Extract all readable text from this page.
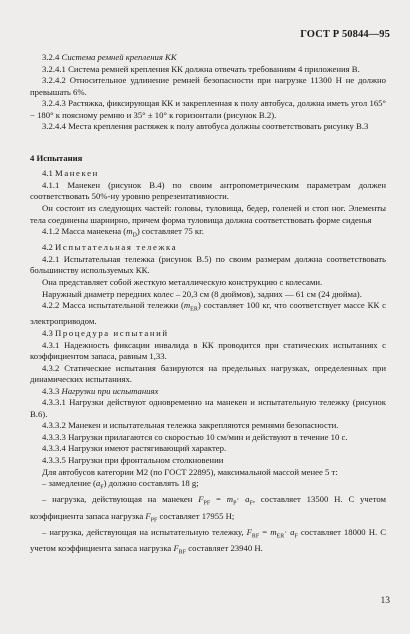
ГОСТ Р 50844—95

3.2.4 Система ремней крепления КК

3.2.4.1 Система ремней крепления КК должна отвечать требованиям 4 приложения В.

3.2.4.2 Относительное удлинение ремней безопасности при нагрузке 11300 Н не должно превышать 6%.

3.2.4.3 Растяжка, фиксирующая КК и закрепленная к полу автобуса, должна иметь угол 165° − 180° к поясному ремню и 35° ± 10° к горизонтали (рисунок В.2).

3.2.4.4 Места крепления растяжек к полу автобуса должны соответствовать рисунку В.3

4 Испытания

4.1 Манекен

4.1.1 Манекен (рисунок В.4) по своим антропометрическим параметрам должен соответствовать 50%-ну уровню репрезентативности.

Он состоит из следующих частей: головы, туловища, бедер, голеней и стоп ног. Элементы тела соединены шарнирно, причем форма туловища должна соответствовать форме сиденья

4.1.2 Масса манекена $(m_D)$ составляет 75 кг.

4.2 Испытательная тележка

4.2.1 Испытательная тележка (рисунок В.5) по своим размерам должна соответствовать большинству используемых КК.

Она представляет собой жесткую металлическую конструкцию с колесами.

Наружный диаметр передних колес – 20,3 см (8 дюймов), задних — 61 см (24 дюйма).

4.2.2 Масса испытательной тележки $(m_{ER})$ составляет 100 кг, что соответствует массе КК с электроприводом.

4.3 Процедура испытаний

4.3.1 Надежность фиксации инвалида в КК проводится при статических испытаниях с коэффициентом запаса, равным 1,33.

4.3.2 Статические испытания базируются на предельных нагрузках, определенных при динамических испытаниях.

4.3.3 Нагрузки при испытаниях

4.3.3.1 Нагрузки действуют одновременно на манекен и испытательную тележку (рисунок В.6).

4.3.3.2 Манекен и испытательная тележка закрепляются ремнями безопасности.

4.3.3.3 Нагрузки прилагаются со скоростью 10 см/мин и действуют в течение 10 с.

4.3.3.4 Нагрузки имеют растягивающий характер.

4.3.3.5 Нагрузки при фронтальном столкновении

Для автобусов категории М2 (по ГОСТ 22895), максимальной массой менее 5 т:

– замедление $(a_F)$ должно составлять 18 g;

– нагрузка, действующая на манекен $F_{PF} = m_P\cdot a_F$, составляет 13500 Н. С учетом коэффициента запаса нагрузка $F_{PF}$ составляет 17955 Н;

– нагрузка, действующая на испытательную тележку, $F_{RF} = m_{ER}\cdot a_F$ составляет 18000 Н. С учетом коэффициента запаса нагрузка $F_{RF}$ составляет 23940 Н.

13
